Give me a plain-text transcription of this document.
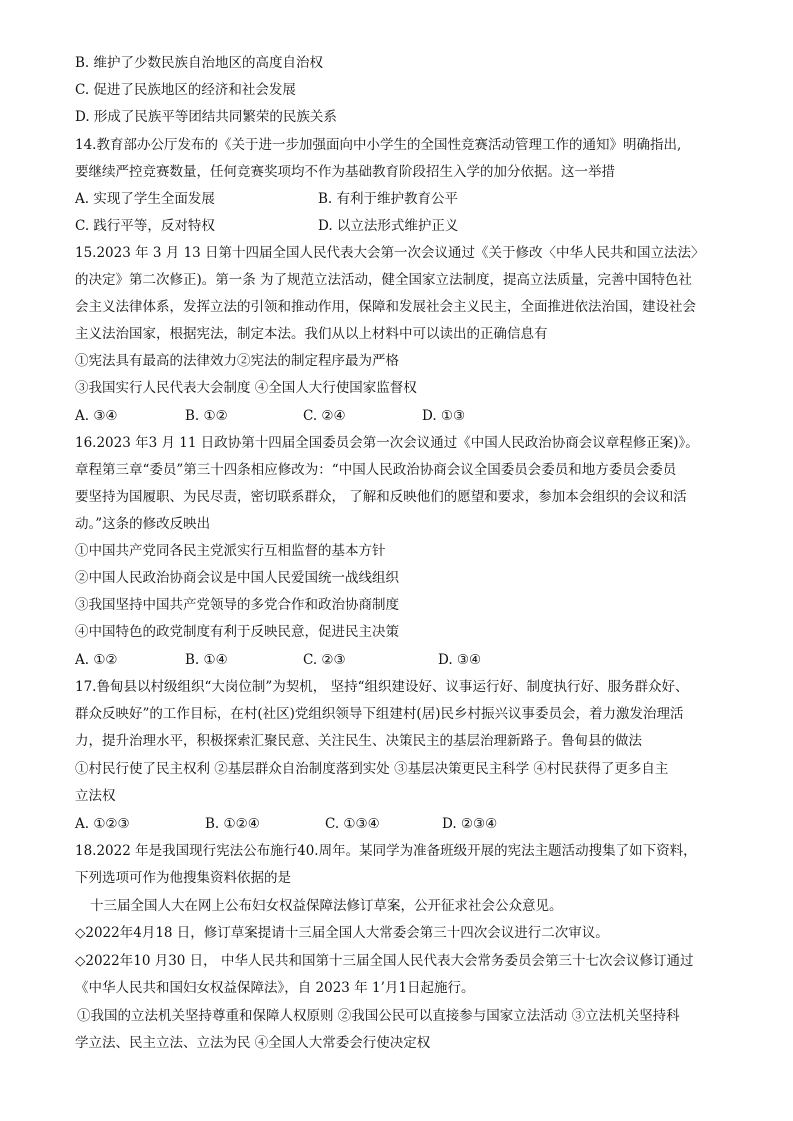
B. 维护了少数民族自治地区的高度自治权
C. 促进了民族地区的经济和社会发展
D. 形成了民族平等团结共同繁荣的民族关系
14.教育部办公厅发布的《关于进一步加强面向中小学生的全国性竞赛活动管理工作的通知》明确指出,
要继续严控竞赛数量，任何竞赛奖项均不作为基础教育阶段招生入学的加分依据。这一举措
A. 实现了学生全面发展	B. 有利于维护教育公平
C. 践行平等，反对特权	D. 以立法形式维护正义
15.2023 年 3 月 13 日第十四届全国人民代表大会第一次会议通过《关于修改〈中华人民共和国立法法〉
的决定》第二次修正)。第一条 为了规范立法活动，健全国家立法制度，提高立法质量，完善中国特色社
会主义法律体系，发挥立法的引领和推动作用，保障和发展社会主义民主，全面推进依法治国，建设社会
主义法治国家，根据宪法，制定本法。我们从以上材料中可以读出的正确信息有
①宪法具有最高的法律效力②宪法的制定程序最为严格
③我国实行人民代表大会制度 ④全国人大行使国家监督权
A. ③④	B. ①②	C. ②④	D. ①③
16.2023 年3 月 11 日政协第十四届全国委员会第一次会议通过《中国人民政治协商会议章程修正案)》。
章程第三章“委员”第三十四条相应修改为：“中国人民政治协商会议全国委员会委员和地方委员会委员
要坚持为国履职、为民尽责，密切联系群众， 了解和反映他们的愿望和要求，参加本会组织的会议和活
动。”这条的修改反映出
①中国共产党同各民主党派实行互相监督的基本方针
②中国人民政治协商会议是中国人民爱国统一战线组织
③我国坚持中国共产党领导的多党合作和政治协商制度
④中国特色的政党制度有利于反映民意，促进民主决策
A. ①②	B. ①④	C. ②③	D. ③④
17.鲁甸县以村级组织“大岗位制”为契机， 坚持“组织建设好、议事运行好、制度执行好、服务群众好、
群众反映好”的工作目标，在村(社区)党组织领导下组建村(居)民乡村振兴议事委员会，着力激发治理活
力，提升治理水平，积极探索汇聚民意、关注民生、决策民主的基层治理新路子。鲁甸县的做法
①村民行使了民主权利 ②基层群众自治制度落到实处 ③基层决策更民主科学 ④村民获得了更多自主
立法权
A. ①②③	B. ①②④	C. ①③④	D. ②③④
18.2022 年是我国现行宪法公布施行40.周年。某同学为准备班级开展的宪法主题活动搜集了如下资料，
下列选项可作为他搜集资料依据的是
十三届全国人大在网上公布妇女权益保障法修订草案，公开征求社会公众意见。
◇2022年4月18 日，修订草案提请十三届全国人大常委会第三十四次会议进行二次审议。
◇2022年10 月30 日， 中华人民共和国第十三届全国人民代表大会常务委员会第三十七次会议修订通过
《中华人民共和国妇女权益保障法》，自 2023 年 1’月1日起施行。
①我国的立法机关坚持尊重和保障人权原则 ②我国公民可以直接参与国家立法活动 ③立法机关坚持科
学立法、民主立法、立法为民 ④全国人大常委会行使决定权
